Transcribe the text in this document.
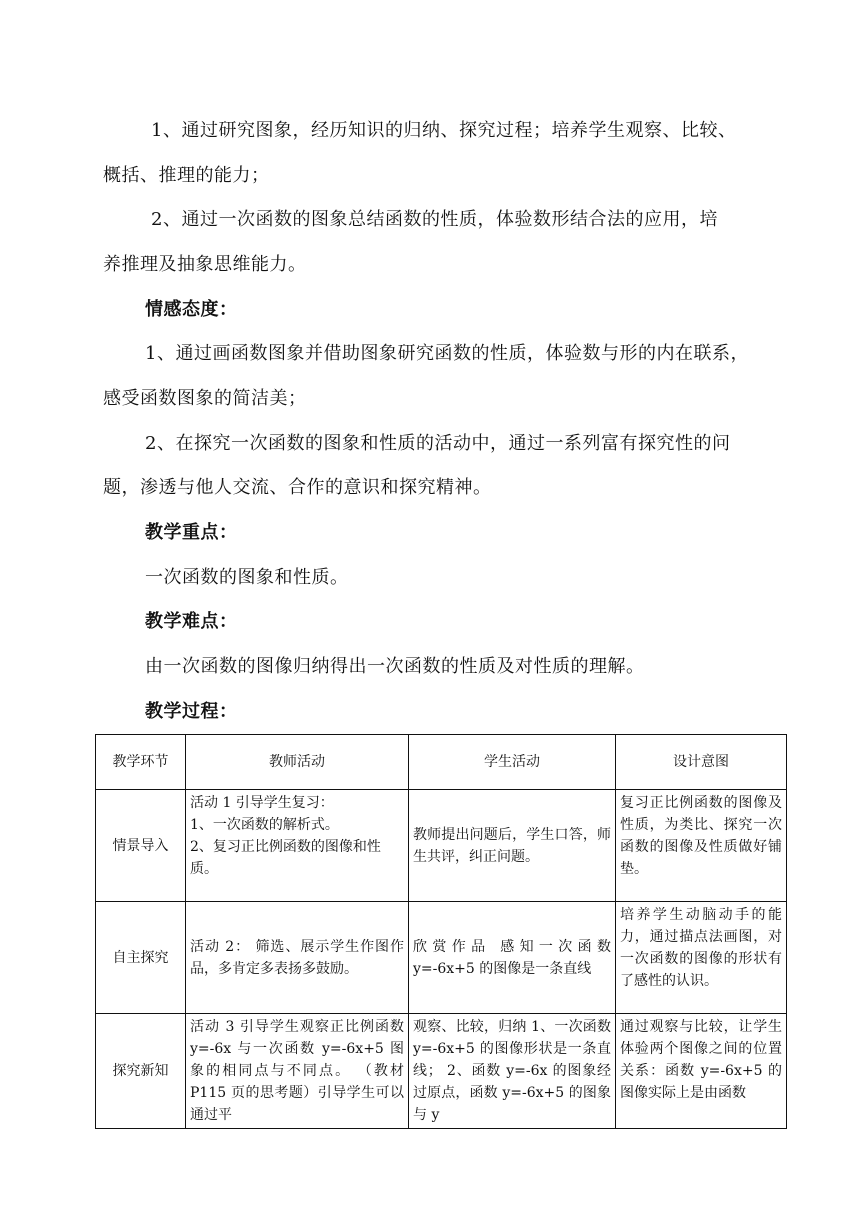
1、通过研究图象，经历知识的归纳、探究过程；培养学生观察、比较、
概括、推理的能力；
2、通过一次函数的图象总结函数的性质，体验数形结合法的应用，培
养推理及抽象思维能力。
情感态度：
1、通过画函数图象并借助图象研究函数的性质，体验数与形的内在联系，
感受函数图象的简洁美；
2、在探究一次函数的图象和性质的活动中，通过一系列富有探究性的问
题，渗透与他人交流、合作的意识和探究精神。
教学重点：
一次函数的图象和性质。
教学难点：
由一次函数的图像归纳得出一次函数的性质及对性质的理解。
教学过程：
教学环节	教师活动	学生活动	设计意图
情景导入	活动 1 引导学生复习：
1、一次函数的解析式。
2、复习正比例函数的图像和性质。	教师提出问题后，学生口答，师生共评，纠正问题。	复习正比例函数的图像及性质，为类比、探究一次函数的图像及性质做好铺垫。
自主探究	活动 2： 筛选、展示学生作图作品，多肯定多表扬多鼓励。	欣赏作品 感知一次函数 y=-6x+5 的图像是一条直线	培养学生动脑动手的能力，通过描点法画图，对一次函数的图像的形状有了感性的认识。
探究新知	活动 3 引导学生观察正比例函数 y=-6x 与一次函数 y=-6x+5 图象的相同点与不同点。 （教材 P115 页的思考题）引导学生可以通过平	观察、比较，归纳 1、一次函数 y=-6x+5 的图像形状是一条直线； 2、函数 y=-6x 的图象经过原点，函数 y=-6x+5 的图象与 y	通过观察与比较，让学生体验两个图像之间的位置关系：函数 y=-6x+5 的图像实际上是由函数
